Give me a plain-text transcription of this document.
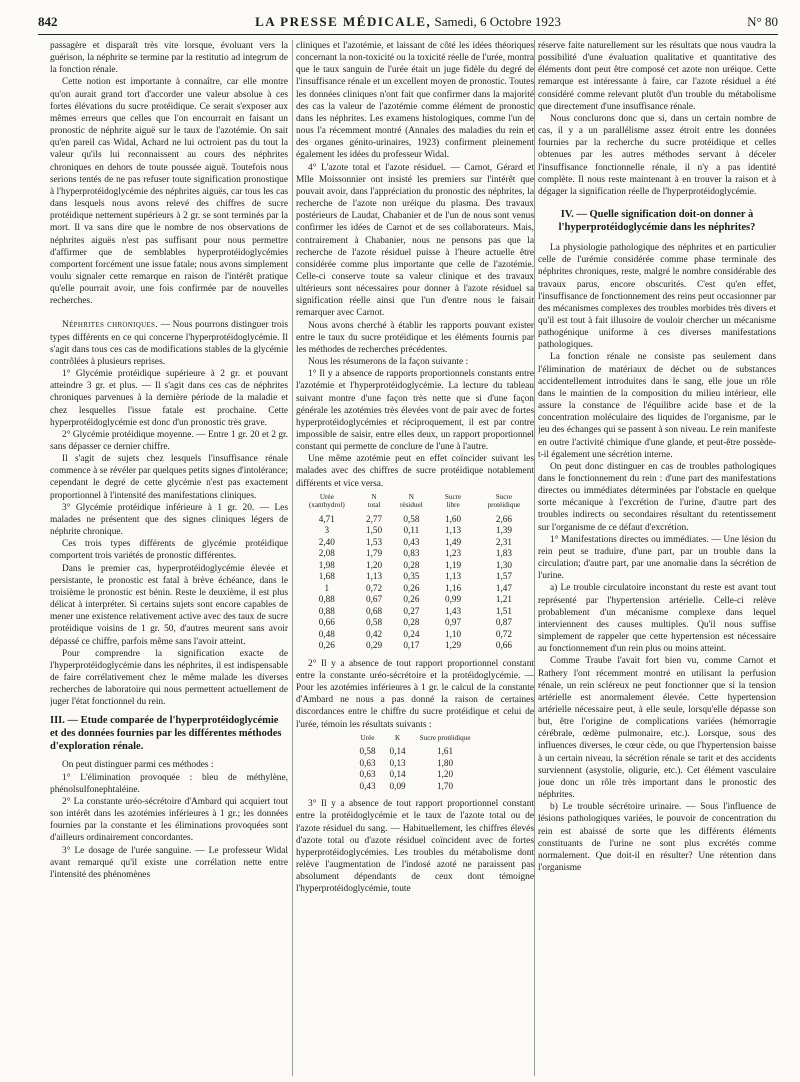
842	LA PRESSE MÉDICALE, Samedi, 6 Octobre 1923	N° 80

passagère et disparaît très vite lorsque, évoluant vers la guérison, la néphrite se termine par la restitutio ad integrum de la fonction rénale.

Cette notion est importante à connaître, car elle montre qu'on aurait grand tort d'accorder une valeur absolue à ces fortes élévations du sucre protéidique. Ce serait s'exposer aux mêmes erreurs que celles que l'on encourrait en faisant un pronostic de néphrite aiguë sur le taux de l'azotémie. On sait qu'en pareil cas Widal, Achard ne lui octroient pas du tout la valeur qu'ils lui reconnaissent au cours des néphrites chroniques en dehors de toute poussée aiguë. Toutefois nous serions tentés de ne pas refuser toute signification pronostique à l'hyperprotéidoglycémie des néphrites aiguës, car tous les cas dans lesquels nous avons relevé des chiffres de sucre protéidique nettement supérieurs à 2 gr. se sont terminés par la mort. Il va sans dire que le nombre de nos observations de néphrites aiguës n'est pas suffisant pour nous permettre d'affirmer que de semblables hyperprotéidoglycémies comportent forcément une issue fatale; nous avons simplement voulu signaler cette remarque en raison de l'intérêt pratique qu'elle pourrait avoir, une fois confirmée par de nouvelles recherches.

Néphrites chroniques. — Nous pourrons distinguer trois types différents en ce qui concerne l'hyperprotéidoglycémie. Il s'agit dans tous ces cas de modifications stables de la glycémie contrôlées à plusieurs reprises.

1° Glycémie protéidique supérieure à 2 gr. et pouvant atteindre 3 gr. et plus. — Il s'agit dans ces cas de néphrites chroniques parvenues à la dernière période de la maladie et chez lesquelles l'issue fatale est prochaine. Cette hyperprotéidoglycémie est donc d'un pronostic très grave.

2° Glycémie protéidique moyenne. — Entre 1 gr. 20 et 2 gr. sans dépasser ce dernier chiffre.

Il s'agit de sujets chez lesquels l'insuffisance rénale commence à se révéler par quelques petits signes d'intolérance; cependant le degré de cette glycémie n'est pas exactement proportionnel à l'intensité des manifestations cliniques.

3° Glycémie protéidique inférieure à 1 gr. 20. — Les malades ne présentent que des signes cliniques légers de néphrite chronique.

Ces trois types différents de glycémie protéidique comportent trois variétés de pronostic différentes.

Dans le premier cas, hyperprotéidoglycémie élevée et persistante, le pronostic est fatal à brève échéance, dans le troisième le pronostic est bénin. Reste le deuxième, il est plus délicat à interpréter. Si certains sujets sont encore capables de mener une existence relativement active avec des taux de sucre protéidique voisins de 1 gr. 50, d'autres meurent sans avoir dépassé ce chiffre, parfois même sans l'avoir atteint.

Pour comprendre la signification exacte de l'hyperprotéidoglycémie dans les néphrites, il est indispensable de faire corrélativement chez le même malade les diverses recherches de laboratoire qui nous permettent actuellement de juger l'état fonctionnel du rein.

III. — Etude comparée de l'hyperprotéidoglycémie et des données fournies par les différentes méthodes d'exploration rénale.

On peut distinguer parmi ces méthodes :

1° L'élimination provoquée : bleu de méthylène, phénolsulfonephtaléine.

2° La constante uréo-sécrétoire d'Ambard qui acquiert tout son intérêt dans les azotémies inférieures à 1 gr.; les données fournies par la constante et les éliminations provoquées sont d'ailleurs ordinairement concordantes.

3° Le dosage de l'urée sanguine. — Le professeur Widal avant remarqué qu'il existe une corrélation nette entre l'intensité des phénomènes

cliniques et l'azotémie, et laissant de côté les idées théoriques concernant la non-toxicité ou la toxicité réelle de l'urée, montra que le taux sanguin de l'urée était un juge fidèle du degré de l'insuffisance rénale et un excellent moyen de pronostic. Toutes les données cliniques n'ont fait que confirmer dans la majorité des cas la valeur de l'azotémie comme élément de pronostic dans les néphrites. Les examens histologiques, comme l'un de nous l'a récemment montré (Annales des maladies du rein et des organes génito-urinaires, 1923) confirment pleinement également les idées du professeur Widal.

4° L'azote total et l'azote résiduel. — Carnot, Gérard et Mlle Moissonnier ont insisté les premiers sur l'intérêt que pouvait avoir, dans l'appréciation du pronostic des néphrites, la recherche de l'azote non uréique du plasma. Des travaux postérieurs de Laudat, Chabanier et de l'un de nous sont venus confirmer les idées de Carnot et de ses collaborateurs. Mais, contrairement à Chabanier, nous ne pensons pas que la recherche de l'azote résiduel puisse à l'heure actuelle être considérée comme plus importante que celle de l'azotémie. Celle-ci conserve toute sa valeur clinique et des travaux ultérieurs sont nécessaires pour donner à l'azote résiduel sa signification réelle ainsi que l'un d'entre nous le faisait remarquer avec Carnot.

Nous avons cherché à établir les rapports pouvant exister entre le taux du sucre protéidique et les éléments fournis par les méthodes de recherches précédentes.

Nous les résumerons de la façon suivante :

1° Il y a absence de rapports proportionnels constants entre l'azotémie et l'hyperprotéidoglycémie. La lecture du tableau suivant montre d'une façon très nette que si d'une façon générale les azotémies très élevées vont de pair avec de fortes hyperprotéidoglycémies et réciproquement, il est par contre impossible de saisir, entre elles deux, un rapport proportionnel constant qui permette de conclure de l'une à l'autre.

Une même azotémie peut en effet coïncider suivant les malades avec des chiffres de sucre protéidique notablement différents et vice versa.

Urée (xanthydrol)	N total	N résiduel	Sucre libre	Sucre protéidique
4,71	2,77	0,58	1,60	2,66
3	1,50	0,11	1,13	1,39
2,40	1,53	0,43	1,49	2,31
2,08	1,79	0,83	1,23	1,83
1,98	1,20	0,28	1,19	1,30
1,68	1,13	0,35	1,13	1,57
1	0,72	0,26	1,16	1,47
0,88	0,67	0,26	0,99	1,21
0,88	0,68	0,27	1,43	1,51
0,66	0,58	0,28	0,97	0,87
0,48	0,42	0,24	1,10	0,72
0,26	0,29	0,17	1,29	0,66

2° Il y a absence de tout rapport proportionnel constant entre la constante uréo-sécrétoire et la protéidoglycémie. — Pour les azotémies inférieures à 1 gr. le calcul de la constante d'Ambard ne nous a pas donné la raison de certaines discordances entre le chiffre du sucre protéidique et celui de l'urée, témoin les résultats suivants :

Urée	K	Sucre protéidique
0,58	0,14	1,61
0,63	0,13	1,80
0,63	0,14	1,20
0,43	0,09	1,70

3° Il y a absence de tout rapport proportionnel constant entre la protéidoglycémie et le taux de l'azote total ou de l'azote résiduel du sang. — Habituellement, les chiffres élevés d'azote total ou d'azote résiduel coïncident avec de fortes hyperprotéidoglycémies. Les troubles du métabolisme dont relève l'augmentation de l'indosé azoté ne paraissent pas absolument dépendants de ceux dont témoigne l'hyperprotéidoglycémie, toute

réserve faite naturellement sur les résultats que nous vaudra la possibilité d'une évaluation qualitative et quantitative des éléments dont peut être composé cet azote non uréique. Cette remarque est intéressante à faire, car l'azote résiduel a été considéré comme relevant plutôt d'un trouble du métabolisme que directement d'une insuffisance rénale.

Nous conclurons donc que si, dans un certain nombre de cas, il y a un parallélisme assez étroit entre les données fournies par la recherche du sucre protéidique et celles obtenues par les autres méthodes servant à déceler l'insuffisance fonctionnelle rénale, il n'y a pas identité complète. Il nous reste maintenant à en trouver la raison et à dégager la signification réelle de l'hyperprotéidoglycémie.

IV. — Quelle signification doit-on donner à l'hyperprotéidoglycémie dans les néphrites?

La physiologie pathologique des néphrites et en particulier celle de l'urémie considérée comme phase terminale des néphrites chroniques, reste, malgré le nombre considérable des travaux parus, encore obscurités. C'est qu'en effet, l'insuffisance de fonctionnement des reins peut occasionner par des mécanismes complexes des troubles morbides très divers et qu'il est tout à fait illusoire de vouloir chercher un mécanisme pathogénique uniforme à ces diverses manifestations pathologiques.

La fonction rénale ne consiste pas seulement dans l'élimination de matériaux de déchet ou de substances accidentellement introduites dans le sang, elle joue un rôle dans le maintien de la composition du milieu intérieur, elle assure la constance de l'équilibre acide base et de la concentration moléculaire des liquides de l'organisme, par le jeu des échanges qui se passent à son niveau. Le rein manifeste en outre l'activité chimique d'une glande, et peut-être possède-t-il également une sécrétion interne.

On peut donc distinguer en cas de troubles pathologiques dans le fonctionnement du rein : d'une part des manifestations directes ou immédiates déterminées par l'obstacle en quelque sorte mécanique à l'excrétion de l'urine, d'autre part des troubles indirects ou secondaires résultant du retentissement sur l'organisme de ce défaut d'excrétion.

1° Manifestations directes ou immédiates. — Une lésion du rein peut se traduire, d'une part, par un trouble dans la circulation; d'autre part, par une anomalie dans la sécrétion de l'urine.

a) Le trouble circulatoire inconstant du reste est avant tout représenté par l'hypertension artérielle. Celle-ci relève probablement d'un mécanisme complexe dans lequel interviennent des causes multiples. Qu'il nous suffise simplement de rappeler que cette hypertension est nécessaire au fonctionnement d'un rein plus ou moins atteint.

Comme Traube l'avait fort bien vu, comme Carnot et Rathery l'ont récemment montré en utilisant la perfusion rénale, un rein scléreux ne peut fonctionner que si la tension artérielle est anormalement élevée. Cette hypertension artérielle nécessaire peut, à elle seule, lorsqu'elle dépasse son but, être l'origine de complications variées (hémorragie cérébrale, œdème pulmonaire, etc.). Lorsque, sous des influences diverses, le cœur cède, ou que l'hypertension baisse à un certain niveau, la sécrétion rénale se tarit et des accidents surviennent (asystolie, oligurie, etc.). Cet élément vasculaire joue donc un rôle très important dans le pronostic des néphrites.

b) Le trouble sécrétoire urinaire. — Sous l'influence de lésions pathologiques variées, le pouvoir de concentration du rein est abaissé de sorte que les différents éléments constituants de l'urine ne sont plus excrétés comme normalement. Que doit-il en résulter? Une rétention dans l'organisme
